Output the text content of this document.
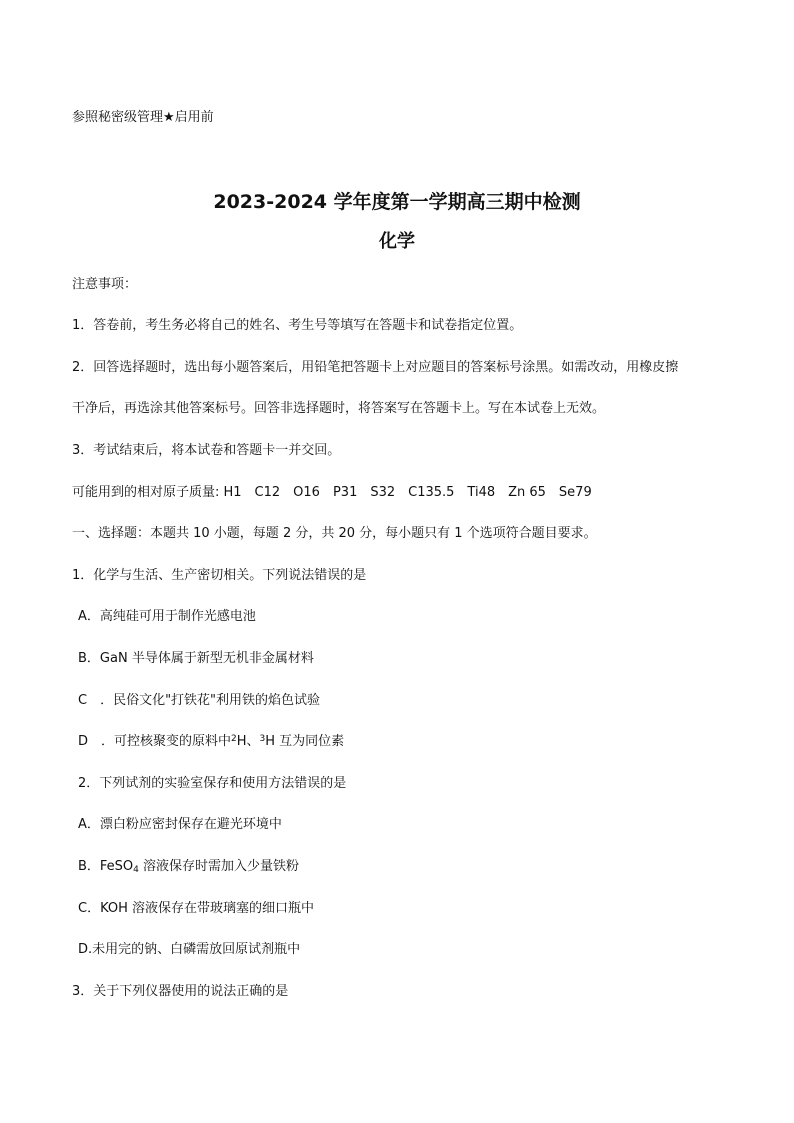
参照秘密级管理★启用前
2023-2024 学年度第一学期高三期中检测
化学
注意事项：
1．答卷前，考生务必将自己的姓名、考生号等填写在答题卡和试卷指定位置。
2．回答选择题时，选出每小题答案后，用铅笔把答题卡上对应题目的答案标号涂黑。如需改动，用橡皮擦
干净后，再选涂其他答案标号。回答非选择题时，将答案写在答题卡上。写在本试卷上无效。
3．考试结束后，将本试卷和答题卡一并交回。
可能用到的相对原子质量: H1　C12　O16　P31　S32　C135.5　Ti48　Zn 65　Se79
一、选择题：本题共 10 小题，每题 2 分，共 20 分，每小题只有 1 个选项符合题目要求。
1．化学与生活、生产密切相关。下列说法错误的是
A．高纯硅可用于制作光感电池
B．GaN 半导体属于新型无机非金属材料
C　．民俗文化"打铁花"利用铁的焰色试验
D　．可控核聚变的原料中$^2$H、$^3$H 互为同位素
2．下列试剂的实验室保存和使用方法错误的是
A．漂白粉应密封保存在避光环境中
B．FeSO$_4$ 溶液保存时需加入少量铁粉
C．KOH 溶液保存在带玻璃塞的细口瓶中
D.未用完的钠、白磷需放回原试剂瓶中
3．关于下列仪器使用的说法正确的是
